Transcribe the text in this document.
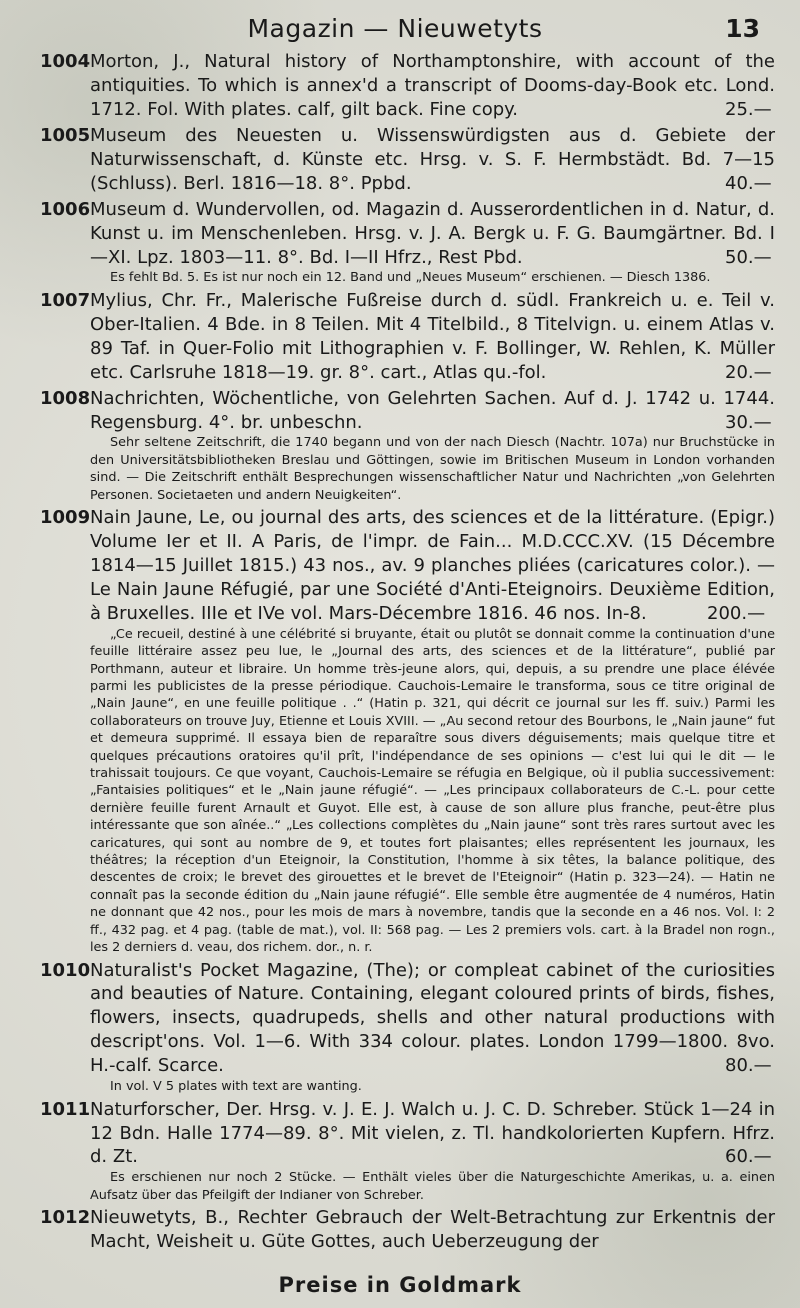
Magazin — Nieuwetyts	13

1004Morton, J., Natural history of Northamptonshire, with account of the antiquities. To which is annex'd a transcript of Dooms-day-Book etc. Lond. 1712. Fol. With plates. calf, gilt back. Fine copy.	25.—

1005Museum des Neuesten u. Wissenswürdigsten aus d. Gebiete der Naturwissenschaft, d. Künste etc. Hrsg. v. S. F. Hermbstädt. Bd. 7—15 (Schluss). Berl. 1816—18. 8°. Ppbd.	40.—

1006Museum d. Wundervollen, od. Magazin d. Ausserordentlichen in d. Natur, d. Kunst u. im Menschenleben. Hrsg. v. J. A. Bergk u. F. G. Baumgärtner. Bd. I—XI. Lpz. 1803—11. 8°. Bd. I—II Hfrz., Rest Pbd.	50.—

Es fehlt Bd. 5. Es ist nur noch ein 12. Band und „Neues Museum“ erschienen. — Diesch 1386.

1007Mylius, Chr. Fr., Malerische Fußreise durch d. südl. Frankreich u. e. Teil v. Ober-Italien. 4 Bde. in 8 Teilen. Mit 4 Titelbild., 8 Titelvign. u. einem Atlas v. 89 Taf. in Quer-Folio mit Lithographien v. F. Bollinger, W. Rehlen, K. Müller etc. Carlsruhe 1818—19. gr. 8°. cart., Atlas qu.-fol.	20.—

1008Nachrichten, Wöchentliche, von Gelehrten Sachen. Auf d. J. 1742 u. 1744. Regensburg. 4°. br. unbeschn.	30.—

Sehr seltene Zeitschrift, die 1740 begann und von der nach Diesch (Nachtr. 107a) nur Bruchstücke in den Universitätsbibliotheken Breslau und Göttingen, sowie im Britischen Museum in London vorhanden sind. — Die Zeitschrift enthält Besprechungen wissenschaftlicher Natur und Nachrichten „von Gelehrten Personen. Societaeten und andern Neuigkeiten“.

1009Nain Jaune, Le, ou journal des arts, des sciences et de la littérature. (Epigr.) Volume Ier et II. A Paris, de l'impr. de Fain... M.D.CCC.XV. (15 Décembre 1814—15 Juillet 1815.) 43 nos., av. 9 planches pliées (caricatures color.). — Le Nain Jaune Réfugié, par une Société d'Anti-Eteignoirs. Deuxième Edition, à Bruxelles. IIIe et IVe vol. Mars-Décembre 1816. 46 nos. In-8.	200.—

„Ce recueil, destiné à une célébrité si bruyante, était ou plutôt se donnait comme la continuation d'une feuille littéraire assez peu lue, le „Journal des arts, des sciences et de la littérature“, publié par Porthmann, auteur et libraire. Un homme très-jeune alors, qui, depuis, a su prendre une place élévée parmi les publicistes de la presse périodique. Cauchois-Lemaire le transforma, sous ce titre original de „Nain Jaune“, en une feuille politique . .“ (Hatin p. 321, qui décrit ce journal sur les ff. suiv.) Parmi les collaborateurs on trouve Juy, Etienne et Louis XVIII. — „Au second retour des Bourbons, le „Nain jaune“ fut et demeura supprimé. Il essaya bien de reparaître sous divers déguisements; mais quelque titre et quelques précautions oratoires qu'il prît, l'indépendance de ses opinions — c'est lui qui le dit — le trahissait toujours. Ce que voyant, Cauchois-Lemaire se réfugia en Belgique, où il publia successivement: „Fantaisies politiques“ et le „Nain jaune réfugié“. — „Les principaux collaborateurs de C.-L. pour cette dernière feuille furent Arnault et Guyot. Elle est, à cause de son allure plus franche, peut-être plus intéressante que son aînée..“ „Les collections complètes du „Nain jaune“ sont très rares surtout avec les caricatures, qui sont au nombre de 9, et toutes fort plaisantes; elles représentent les journaux, les théâtres; la réception d'un Eteignoir, la Constitution, l'homme à six têtes, la balance politique, des descentes de croix; le brevet des girouettes et le brevet de l'Eteignoir“ (Hatin p. 323—24). — Hatin ne connaît pas la seconde édition du „Nain jaune réfugié“. Elle semble être augmentée de 4 numéros, Hatin ne donnant que 42 nos., pour les mois de mars à novembre, tandis que la seconde en a 46 nos. Vol. I: 2 ff., 432 pag. et 4 pag. (table de mat.), vol. II: 568 pag. — Les 2 premiers vols. cart. à la Bradel non rogn., les 2 derniers d. veau, dos richem. dor., n. r.

1010Naturalist's Pocket Magazine, (The); or compleat cabinet of the curiosities and beauties of Nature. Containing, elegant coloured prints of birds, fishes, flowers, insects, quadrupeds, shells and other natural productions with descript'ons. Vol. 1—6. With 334 colour. plates. London 1799—1800. 8vo. H.-calf. Scarce.	80.—

In vol. V 5 plates with text are wanting.

1011Naturforscher, Der. Hrsg. v. J. E. J. Walch u. J. C. D. Schreber. Stück 1—24 in 12 Bdn. Halle 1774—89. 8°. Mit vielen, z. Tl. handkolorierten Kupfern. Hfrz. d. Zt.	60.—

Es erschienen nur noch 2 Stücke. — Enthält vieles über die Naturgeschichte Amerikas, u. a. einen Aufsatz über das Pfeilgift der Indianer von Schreber.

1012Nieuwetyts, B., Rechter Gebrauch der Welt-Betrachtung zur Erkentnis der Macht, Weisheit u. Güte Gottes, auch Ueberzeugung der

Preise in Goldmark
